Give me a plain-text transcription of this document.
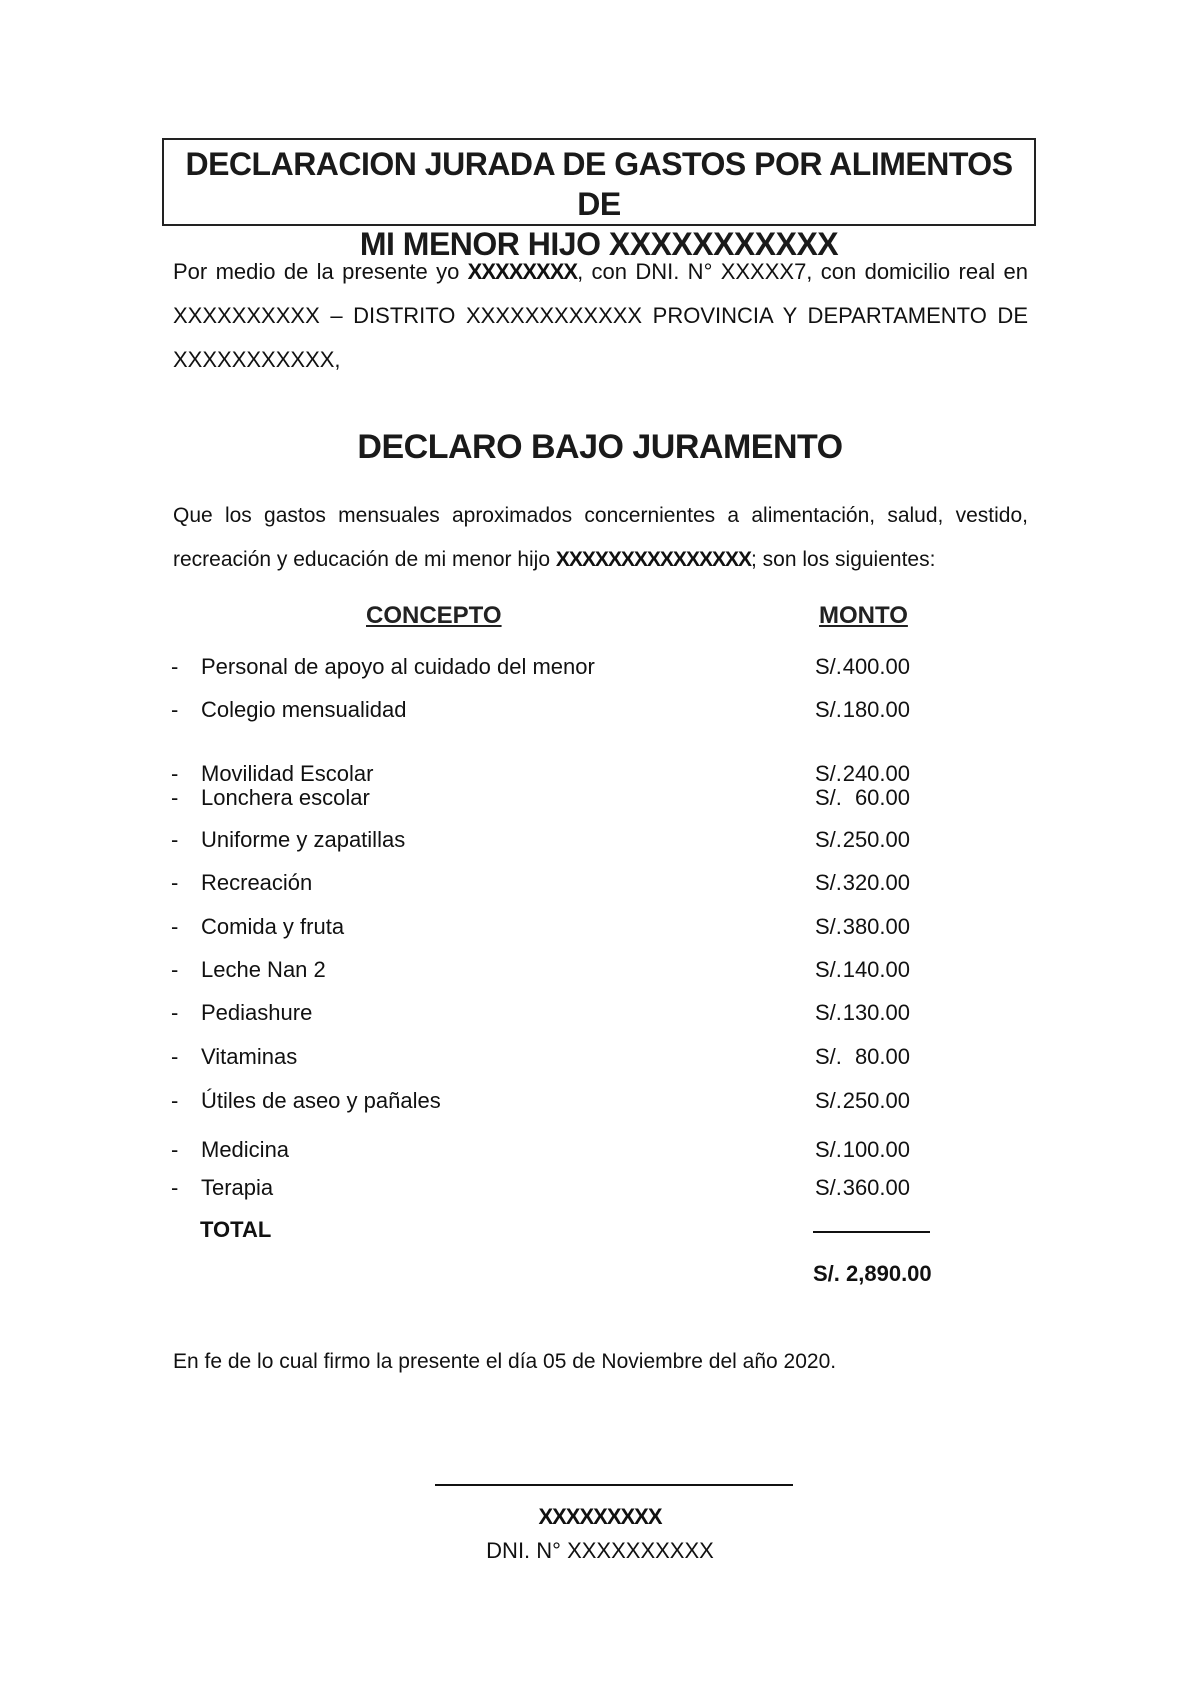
DECLARACION JURADA DE GASTOS POR ALIMENTOS DE
MI MENOR HIJO XXXXXXXXXXX
Por medio de la presente yo XXXXXXXX, con DNI. N° XXXXX7, con domicilio real en XXXXXXXXXX – DISTRITO XXXXXXXXXXXX PROVINCIA Y DEPARTAMENTO DE XXXXXXXXXXX,
DECLARO BAJO JURAMENTO
Que los gastos mensuales aproximados concernientes a alimentación, salud, vestido, recreación y educación de mi menor hijo XXXXXXXXXXXXXXX; son los siguientes:
CONCEPTO	MONTO
- Personal de apoyo al cuidado del menor	S/. 400.00
- Colegio mensualidad	S/. 180.00
- Movilidad Escolar	S/. 240.00
- Lonchera escolar	S/. 60.00
- Uniforme y zapatillas	S/. 250.00
- Recreación	S/. 320.00
- Comida y fruta	S/. 380.00
- Leche Nan 2	S/. 140.00
- Pediashure	S/. 130.00
- Vitaminas	S/. 80.00
- Útiles de aseo y pañales	S/. 250.00
- Medicina	S/. 100.00
- Terapia	S/. 360.00
TOTAL
S/. 2,890.00
En fe de lo cual firmo la presente el día 05 de Noviembre del año 2020.
XXXXXXXXX
DNI. N° XXXXXXXXXX
